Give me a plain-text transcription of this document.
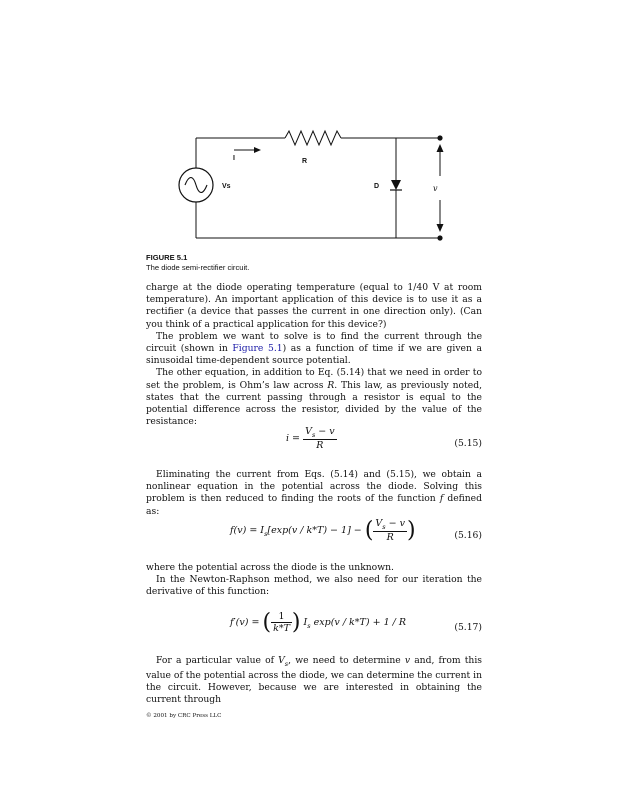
I	R
Vs	D	v
FIGURE 5.1
The diode semi-rectifier circuit.

charge at the diode operating temperature (equal to 1/40 V at room temperature). An important application of this device is to use it as a rectifier (a device that passes the current in one direction only). (Can you think of a practical application for this device?)

The problem we want to solve is to find the current through the circuit (shown in Figure 5.1) as a function of time if we are given a sinusoidal time-dependent source potential.

The other equation, in addition to Eq. (5.14) that we need in order to set the problem, is Ohm’s law across R. This law, as previously noted, states that the current passing through a resistor is equal to the potential difference across the resistor, divided by the value of the resistance:

$i = \frac{V_s - v}{R}$	(5.15)

Eliminating the current from Eqs. (5.14) and (5.15), we obtain a nonlinear equation in the potential across the diode. Solving this problem is then reduced to finding the roots of the function f defined as:

$f(v) = I_s[\exp(v / k*T) - 1]$ − ( $\frac{V_s - v}{R}$ )	(5.16)

where the potential across the diode is the unknown.

In the Newton-Raphson method, we also need for our iteration the derivative of this function:

f′(v) = ( $\frac{1}{k*T}$ ) $I_s$ exp(v / k*T) + 1 / R	(5.17)

For a particular value of $V_s$, we need to determine v and, from this value of the potential across the diode, we can determine the current in the circuit. However, because we are interested in obtaining the current through

© 2001 by CRC Press LLC
